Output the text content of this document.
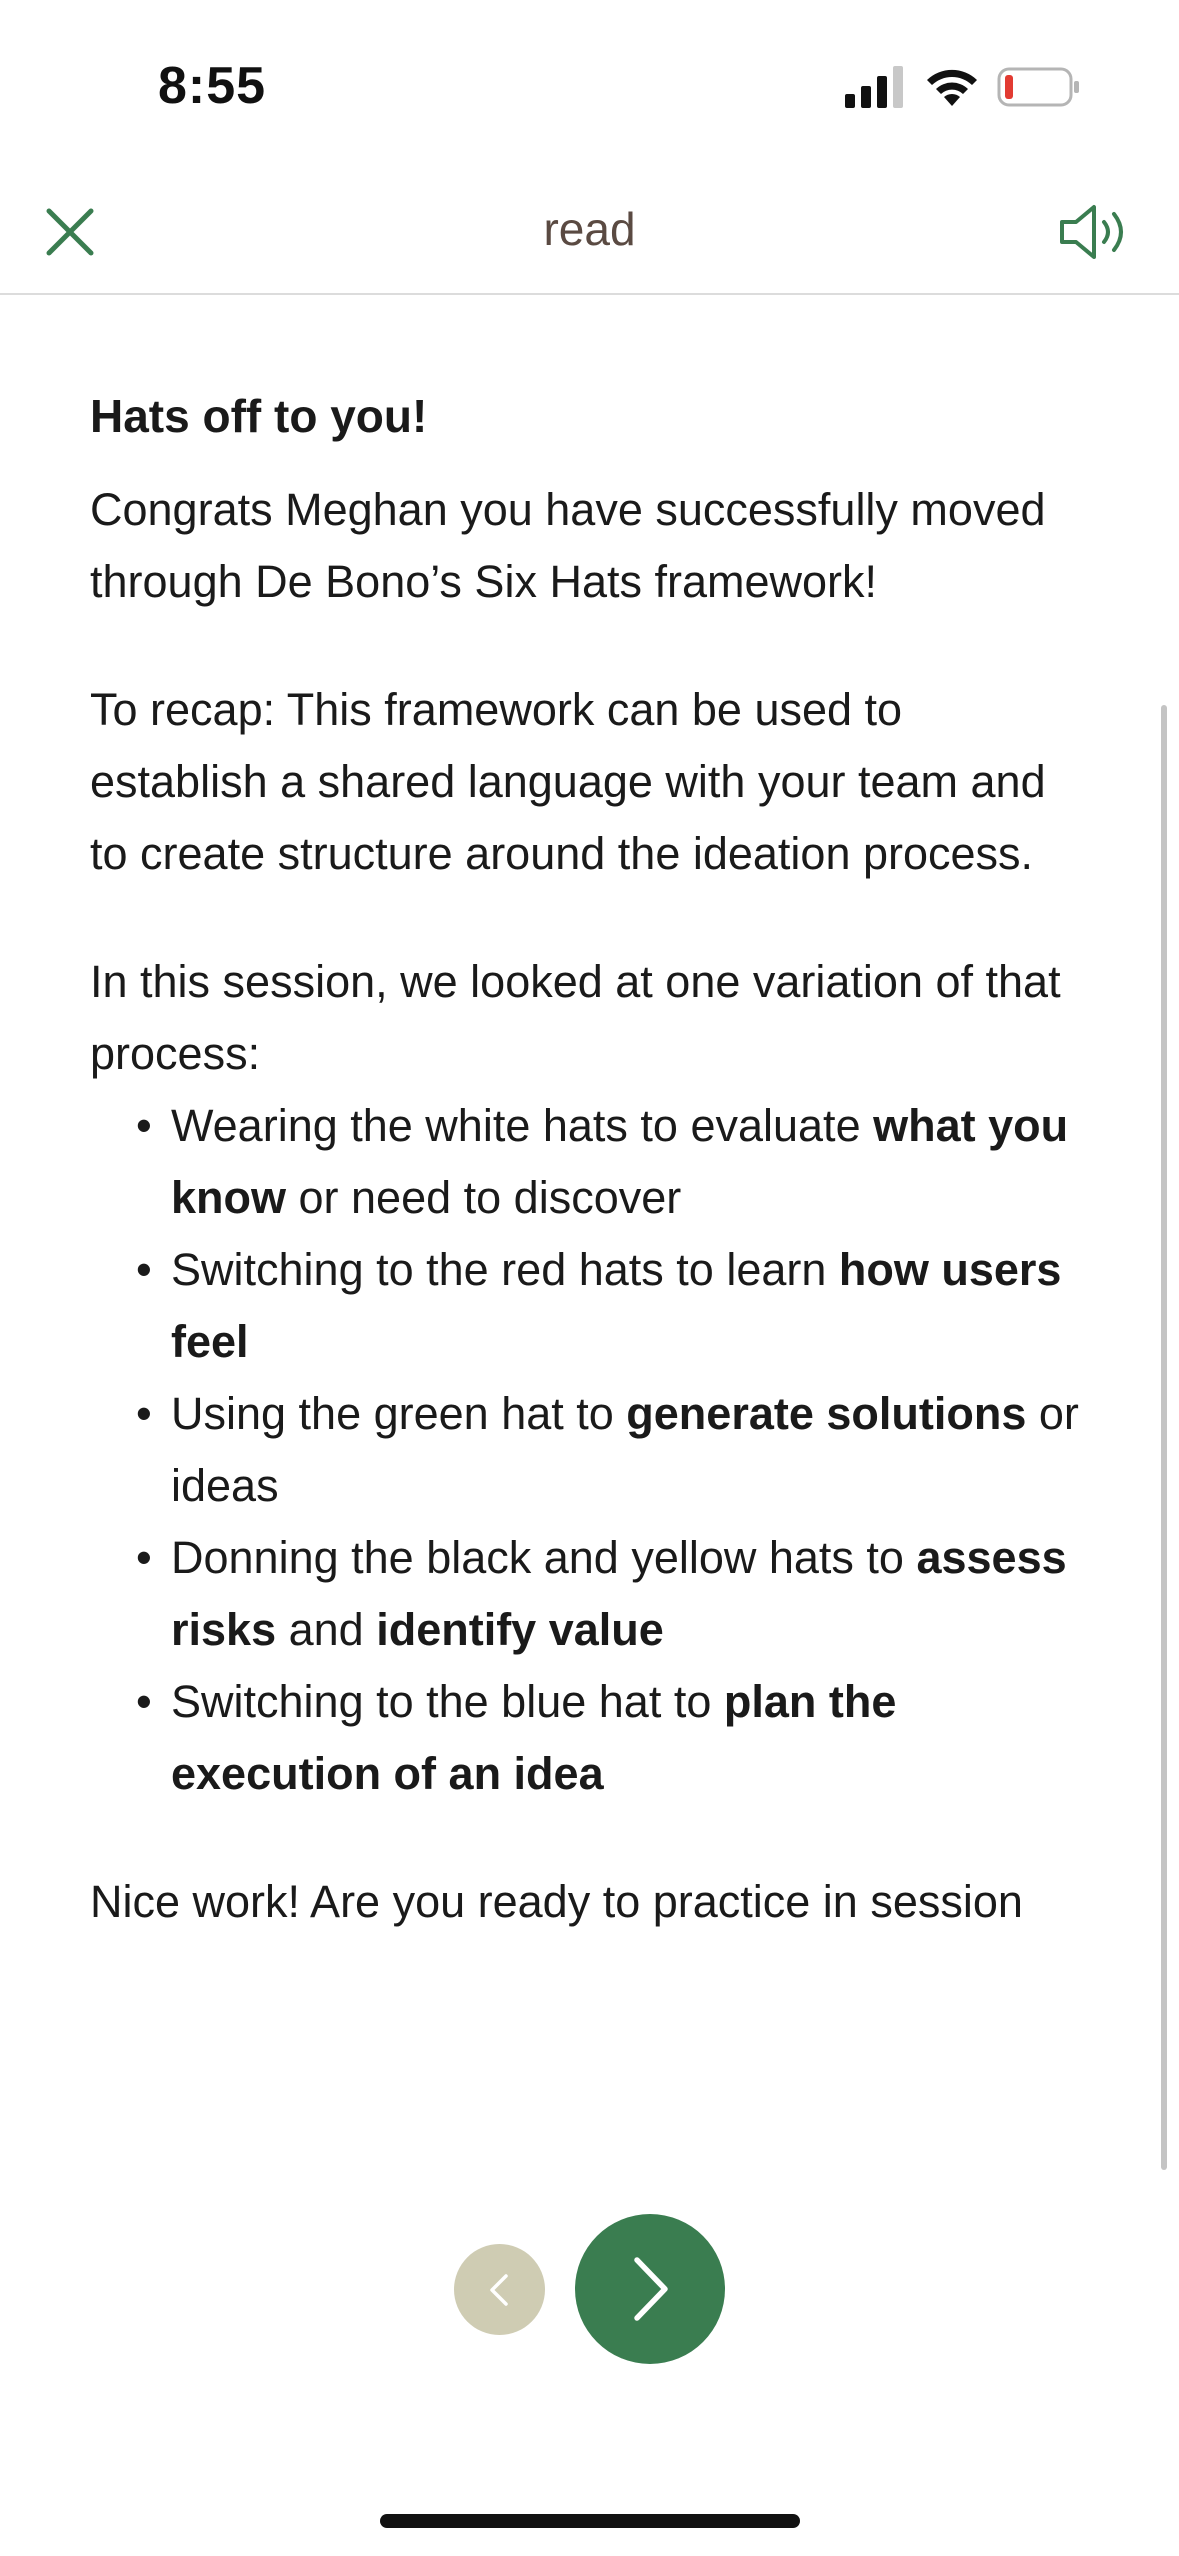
8:55
read
Hats off to you!

Congrats Meghan you have successfully moved through De Bono’s Six Hats framework!

To recap: This framework can be used to establish a shared language with your team and to create structure around the ideation process.

In this session, we looked at one variation of that process:

• Wearing the white hats to evaluate what you know or need to discover
• Switching to the red hats to learn how users feel
• Using the green hat to generate solutions or ideas
• Donning the black and yellow hats to assess risks and identify value
• Switching to the blue hat to plan the execution of an idea

Nice work! Are you ready to practice in session
